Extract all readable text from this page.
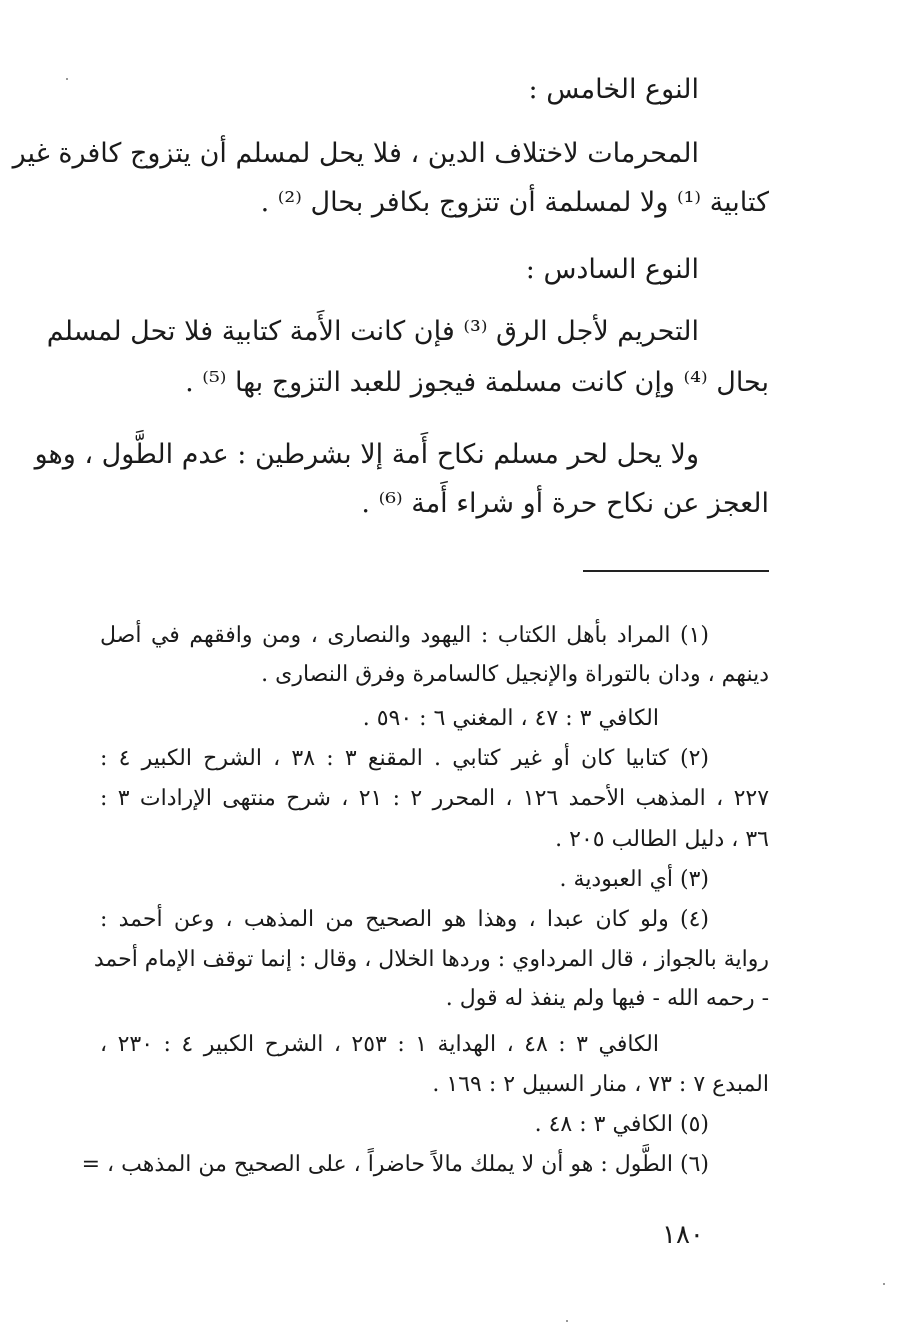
النوع الخامس :
المحرمات لاختلاف الدين ، فلا يحل لمسلم أن يتزوج كافرة غير
كتابية ⁽¹⁾ ولا لمسلمة أن تتزوج بكافر بحال ⁽²⁾ .
النوع السادس :
التحريم لأجل الرق ⁽³⁾ فإن كانت الأَمة كتابية فلا تحل لمسلم
بحال ⁽⁴⁾ وإن كانت مسلمة فيجوز للعبد التزوج بها ⁽⁵⁾ .
ولا يحل لحر مسلم نكاح أَمة إلا بشرطين : عدم الطَّول ، وهو
العجز عن نكاح حرة أو شراء أَمة ⁽⁶⁾ .
(١) المراد بأهل الكتاب : اليهود والنصارى ، ومن وافقهم في أصل
دينهم ، ودان بالتوراة والإنجيل كالسامرة وفرق النصارى .
الكافي ٣ : ٤٧ ، المغني ٦ : ٥٩٠ .
(٢) كتابيا كان أو غير كتابي . المقنع ٣ : ٣٨ ، الشرح الكبير ٤ :
٢٢٧ ، المذهب الأحمد ١٢٦ ، المحرر ٢ : ٢١ ، شرح منتهى الإرادات ٣ :
٣٦ ، دليل الطالب ٢٠٥ .
(٣) أي العبودية .
(٤) ولو كان عبدا ، وهذا هو الصحيح من المذهب ، وعن أحمد :
رواية بالجواز ، قال المرداوي : وردها الخلال ، وقال : إنما توقف الإمام أحمد
- رحمه الله - فيها ولم ينفذ له قول .
الكافي ٣ : ٤٨ ، الهداية ١ : ٢٥٣ ، الشرح الكبير ٤ : ٢٣٠ ،
المبدع ٧ : ٧٣ ، منار السبيل ٢ : ١٦٩ .
(٥) الكافي ٣ : ٤٨ .
(٦) الطَّول : هو أن لا يملك مالاً حاضراً ، على الصحيح من المذهب ، =
١٨٠
